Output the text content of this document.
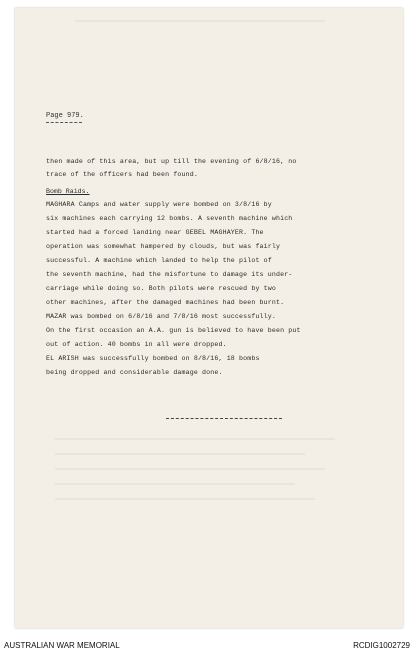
Page 979.
then made of this area, but up till the evening of 6/8/16, no
trace of the officers had been found.
Bomb Raids.
MAGHARA Camps and water supply were bombed on 3/8/16 by
six machines each carrying 12 bombs. A seventh machine which
started had a forced landing near GEBEL MAGHAYER. The
operation was somewhat hampered by clouds, but was fairly
successful. A machine which landed to help the pilot of
the seventh machine, had the misfortune to damage its under-
carriage while doing so. Both pilots were rescued by two
other machines, after the damaged machines had been burnt.
MAZAR was bombed on 6/8/16 and 7/8/16 most successfully.
On the first occasion an A.A. gun is believed to have been put
out of action. 40 bombs in all were dropped.
EL ARISH was successfully bombed on 8/8/16, 18 bombs
being dropped and considerable damage done.
AUSTRALIAN WAR MEMORIAL	RCDIG1002729
